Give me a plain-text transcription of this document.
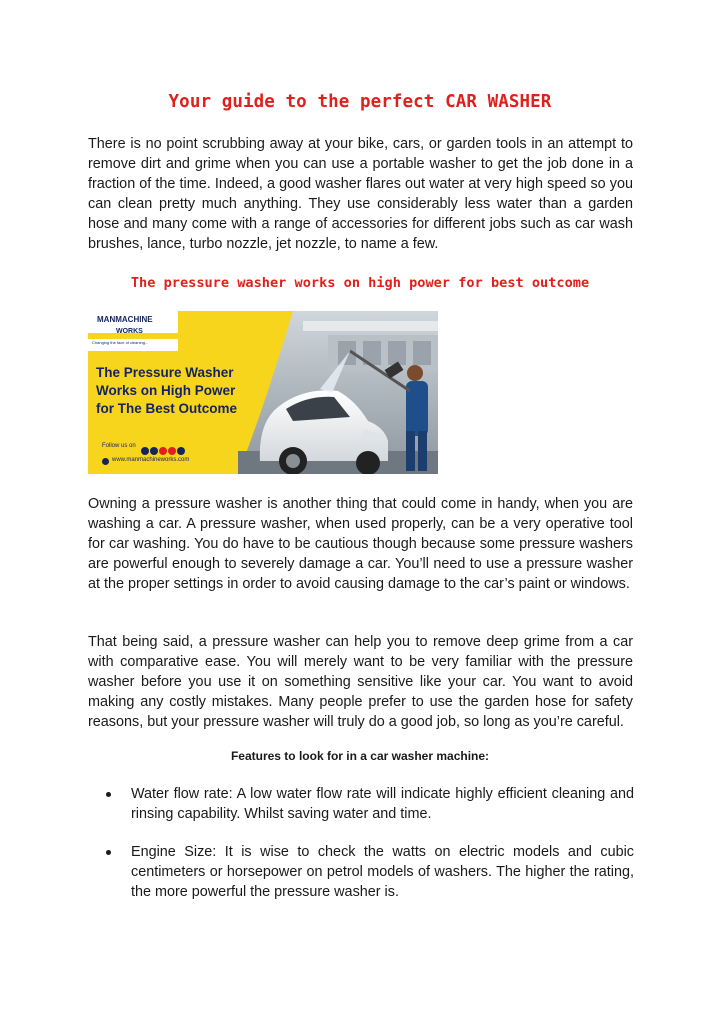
Your guide to the perfect CAR WASHER

There is no point scrubbing away at your bike, cars, or garden tools in an attempt to remove dirt and grime when you can use a portable washer to get the job done in a fraction of the time. Indeed, a good washer flares out water at very high speed so you can clean pretty much anything. They use considerably less water than a garden hose and many come with a range of accessories for different jobs such as car wash brushes, lance, turbo nozzle, jet nozzle, to name a few.

The pressure washer works on high power for best outcome
MANMACHINE
WORKS
Changing the face of cleaning...
The Pressure Washer
Works on High Power
for The Best Outcome
Follow us on
www.manmachineworks.com

Owning a pressure washer is another thing that could come in handy, when you are washing a car. A pressure washer, when used properly, can be a very operative tool for car washing. You do have to be cautious though because some pressure washers are powerful enough to severely damage a car. You’ll need to use a pressure washer at the proper settings in order to avoid causing damage to the car’s paint or windows.

That being said, a pressure washer can help you to remove deep grime from a car with comparative ease. You will merely want to be very familiar with the pressure washer before you use it on something sensitive like your car. You want to avoid making any costly mistakes. Many people prefer to use the garden hose for safety reasons, but your pressure washer will truly do a good job, so long as you’re careful.

Features to look for in a car washer machine:
Water flow rate: A low water flow rate will indicate highly efficient cleaning and rinsing capability. Whilst saving water and time.
Engine Size: It is wise to check the watts on electric models and cubic centimeters or horsepower on petrol models of washers. The higher the rating, the more powerful the pressure washer is.
